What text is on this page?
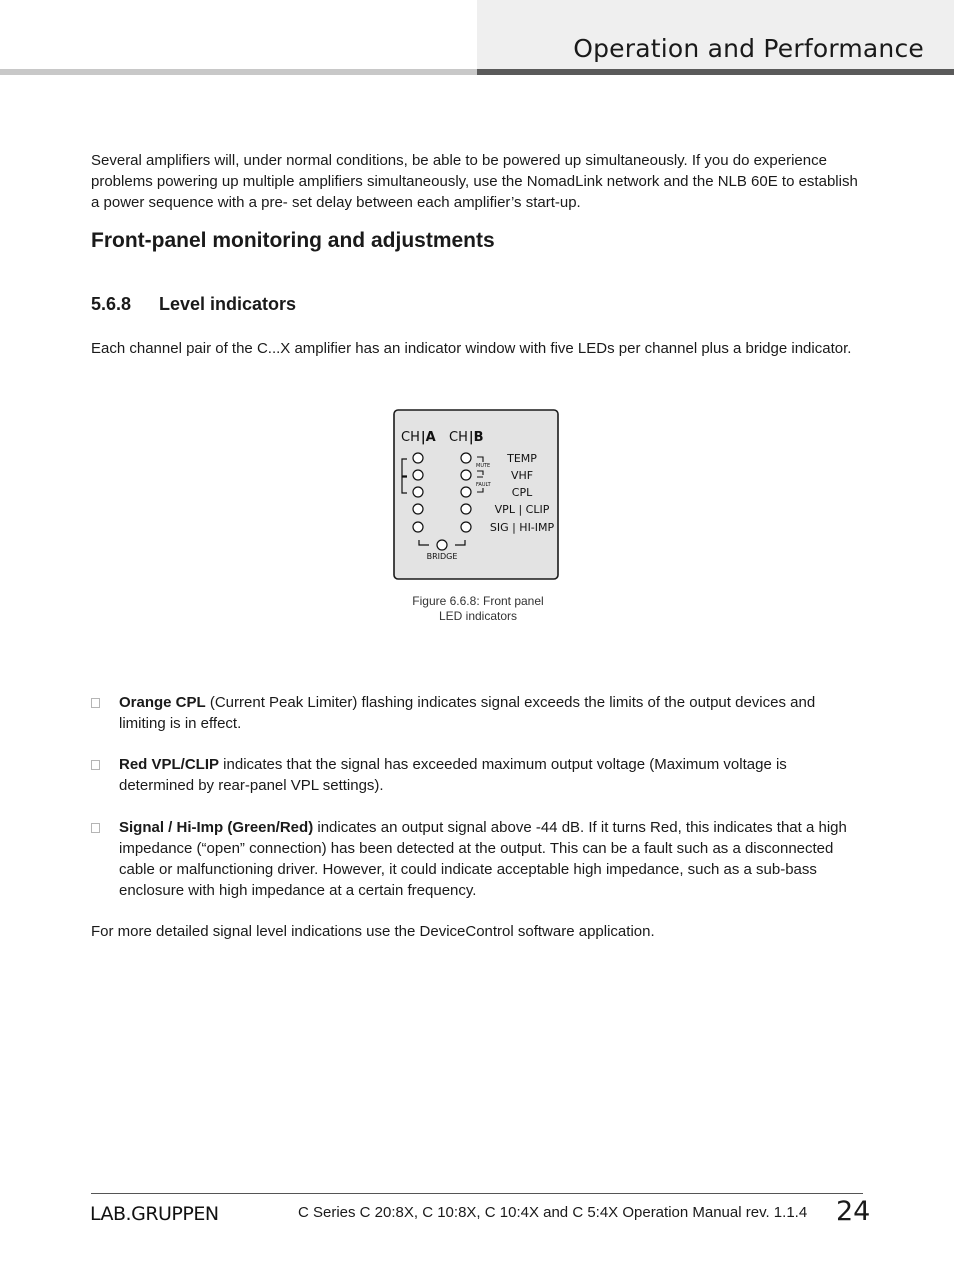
Operation and Performance

Several amplifiers will, under normal conditions, be able to be powered up simultaneously. If you do experience problems powering up multiple amplifiers simultaneously, use the NomadLink network and the NLB 60E to establish a power sequence with a pre- set delay between each amplifier’s start-up.

Front-panel monitoring and adjustments
5.6.8 Level indicators

Each channel pair of the C...X amplifier has an indicator window with five LEDs per channel plus a bridge indicator.

CH|A CH|B
MUTE
FAULT
TEMP
VHF
CPL
VPL | CLIP
SIG | HI-IMP
BRIDGE
Figure 6.6.8: Front panel
LED indicators
Orange CPL (Current Peak Limiter) flashing indicates signal exceeds the limits of the output devices and limiting is in effect.
Red VPL/CLIP indicates that the signal has exceeded maximum output voltage (Maximum voltage is determined by rear-panel VPL settings).
Signal / Hi-Imp (Green/Red) indicates an output signal above -44 dB. If it turns Red, this indicates that a high impedance (“open” connection) has been detected at the output. This can be a fault such as a disconnected cable or malfunctioning driver. However, it could indicate acceptable high impedance, such as a sub-bass enclosure with high impedance at a certain frequency.

For more detailed signal level indications use the DeviceControl software application.

LAB.GRUPPEN	C Series C 20:8X, C 10:8X, C 10:4X and C 5:4X Operation Manual rev. 1.1.4 24
